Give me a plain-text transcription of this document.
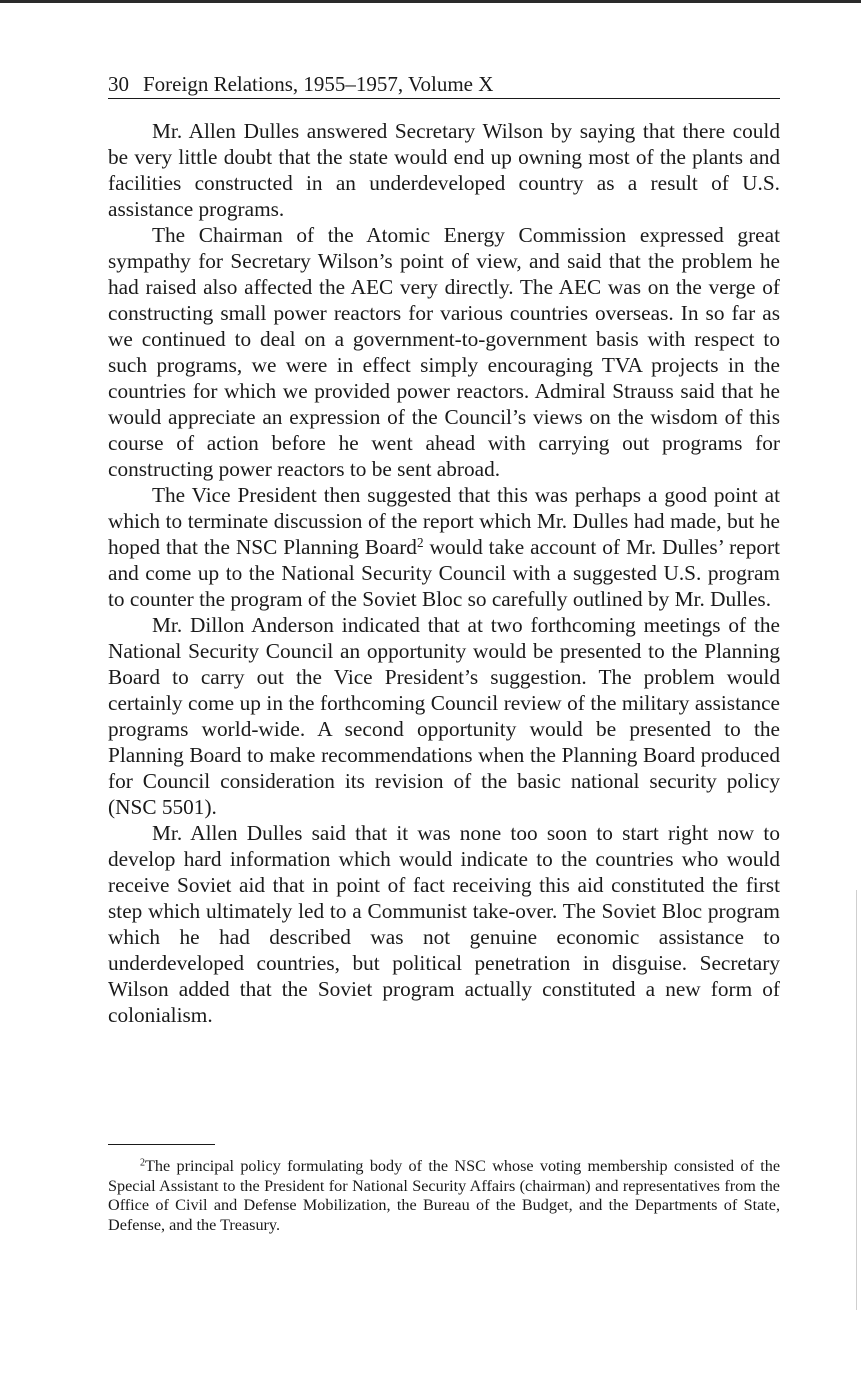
30 Foreign Relations, 1955–1957, Volume X

Mr. Allen Dulles answered Secretary Wilson by saying that there could be very little doubt that the state would end up owning most of the plants and facilities constructed in an underdeveloped country as a result of U.S. assistance programs.

The Chairman of the Atomic Energy Commission expressed great sympathy for Secretary Wilson’s point of view, and said that the problem he had raised also affected the AEC very directly. The AEC was on the verge of constructing small power reactors for various countries overseas. In so far as we continued to deal on a government-to-government basis with respect to such programs, we were in effect simply encouraging TVA projects in the countries for which we provided power reactors. Admiral Strauss said that he would appreciate an expression of the Council’s views on the wisdom of this course of action before he went ahead with carrying out programs for constructing power reactors to be sent abroad.

The Vice President then suggested that this was perhaps a good point at which to terminate discussion of the report which Mr. Dulles had made, but he hoped that the NSC Planning Board$^2$ would take account of Mr. Dulles’ report and come up to the National Security Council with a suggested U.S. program to counter the program of the Soviet Bloc so carefully outlined by Mr. Dulles.

Mr. Dillon Anderson indicated that at two forthcoming meetings of the National Security Council an opportunity would be presented to the Planning Board to carry out the Vice President’s suggestion. The problem would certainly come up in the forthcoming Council review of the military assistance programs world-wide. A second opportunity would be presented to the Planning Board to make recommendations when the Planning Board produced for Council consideration its revision of the basic national security policy (NSC 5501).

Mr. Allen Dulles said that it was none too soon to start right now to develop hard information which would indicate to the countries who would receive Soviet aid that in point of fact receiving this aid constituted the first step which ultimately led to a Communist take-over. The Soviet Bloc program which he had described was not genuine economic assistance to underdeveloped countries, but political penetration in disguise. Secretary Wilson added that the Soviet program actually constituted a new form of colonialism.

$^2$The principal policy formulating body of the NSC whose voting membership consisted of the Special Assistant to the President for National Security Affairs (chairman) and representatives from the Office of Civil and Defense Mobilization, the Bureau of the Budget, and the Departments of State, Defense, and the Treasury.
